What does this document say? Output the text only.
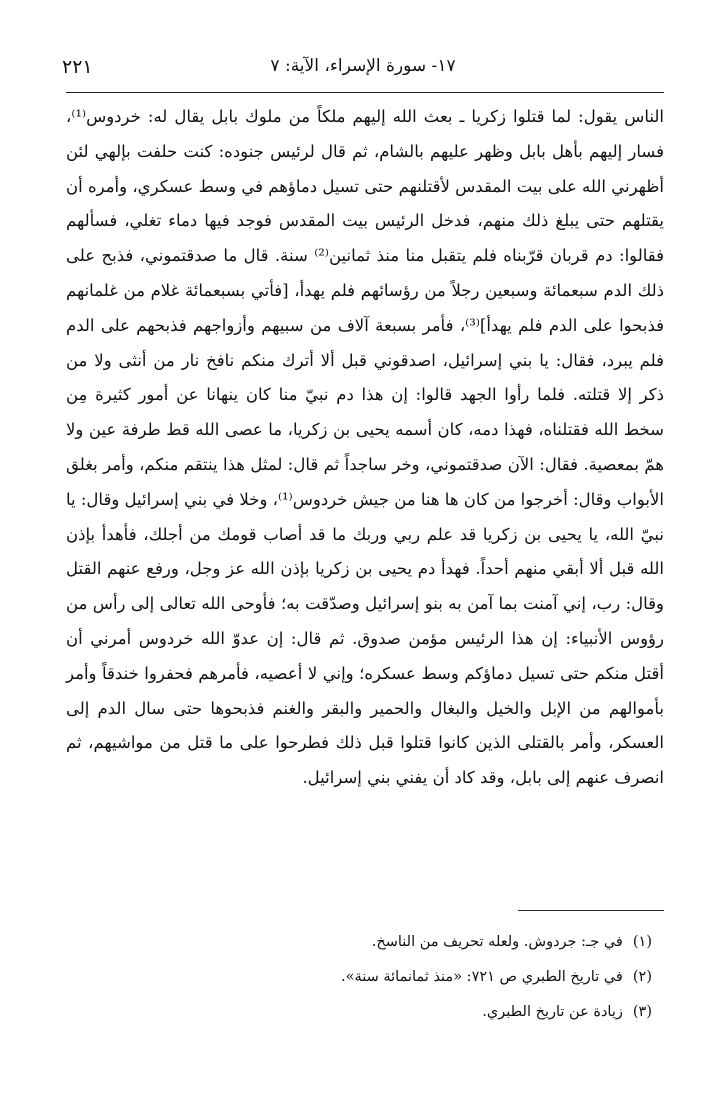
١٧- سورة الإسراء، الآية: ٧
٢٢١

الناس يقول: لما قتلوا زكريا ـ بعث الله إليهم ملكاً من ملوك بابل يقال له: خردوس⁽¹⁾، فسار إليهم بأهل بابل وظهر عليهم بالشام، ثم قال لرئيس جنوده: كنت حلفت بإلهي لئن أظهرني الله على بيت المقدس لأقتلنهم حتى تسيل دماؤهم في وسط عسكري، وأمره أن يقتلهم حتى يبلغ ذلك منهم، فدخل الرئيس بيت المقدس فوجد فيها دماء تغلي، فسألهم فقالوا: دم قربان قرّبناه فلم يتقبل منا منذ ثمانين⁽²⁾ سنة. قال ما صدقتموني، فذبح على ذلك الدم سبعمائة وسبعين رجلاً من رؤسائهم فلم يهدأ، [فأتي بسبعمائة غلام من غلمانهم فذبحوا على الدم فلم يهدأ]⁽³⁾، فأمر بسبعة آلاف من سبيهم وأزواجهم فذبحهم على الدم فلم يبرد، فقال: يا بني إسرائيل، اصدقوني قبل ألا أترك منكم نافخ نار من أنثى ولا من ذكر إلا قتلته. فلما رأوا الجهد قالوا: إن هذا دم نبيّ منا كان ينهانا عن أمور كثيرة مِن سخط الله فقتلناه، فهذا دمه، كان أسمه يحيى بن زكريا، ما عصى الله قط طرفة عين ولا همّ بمعصية. فقال: الآن صدقتموني، وخر ساجداً ثم قال: لمثل هذا ينتقم منكم، وأمر بغلق الأبواب وقال: أخرجوا من كان ها هنا من جيش خردوس⁽¹⁾، وخلا في بني إسرائيل وقال: يا نبيّ الله، يا يحيى بن زكريا قد علم ربي وربك ما قد أصاب قومك من أجلك، فأهدأ بإذن الله قبل ألا أبقي منهم أحداً. فهدأ دم يحيى بن زكريا بإذن الله عز وجل، ورفع عنهم القتل وقال: رب، إني آمنت بما آمن به بنو إسرائيل وصدّقت به؛ فأوحى الله تعالى إلى رأس من رؤوس الأنبياء: إن هذا الرئيس مؤمن صدوق. ثم قال: إن عدوّ الله خردوس أمرني أن أقتل منكم حتى تسيل دماؤكم وسط عسكره؛ وإني لا أعصيه، فأمرهم فحفروا خندقاً وأمر بأموالهم من الإبل والخيل والبغال والحمير والبقر والغنم فذبحوها حتى سال الدم إلى العسكر، وأمر بالقتلى الذين كانوا قتلوا قبل ذلك فطرحوا على ما قتل من مواشيهم، ثم انصرف عنهم إلى بابل، وقد كاد أن يفني بني إسرائيل.

(١)في جـ: جردوش. ولعله تحريف من الناسخ.
(٢)في تاريخ الطبري ص ٧٢١: «منذ ثمانمائة سنة».
(٣)زيادة عن تاريخ الطبري.
